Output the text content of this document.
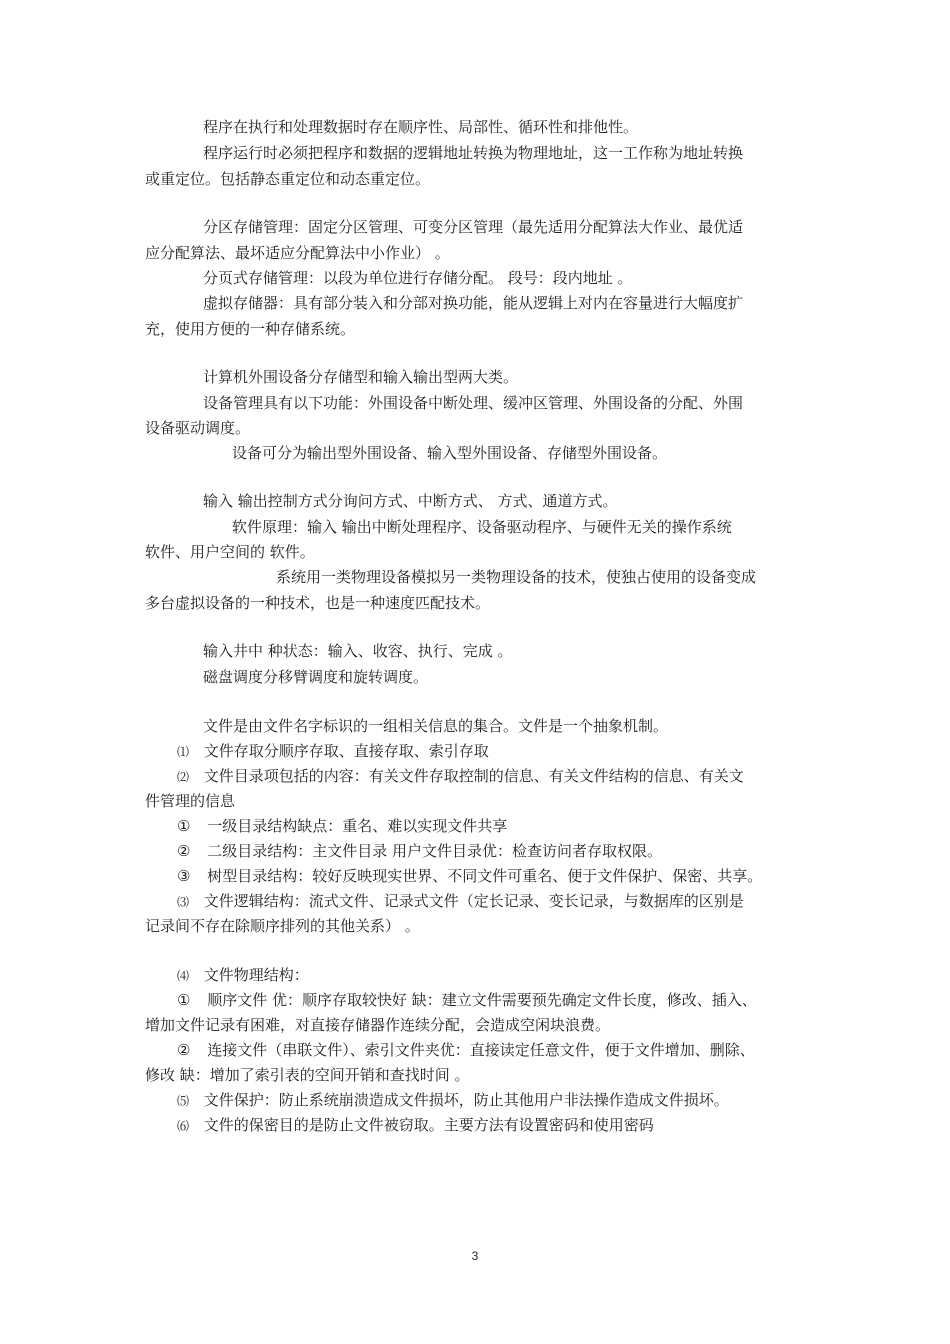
程序在执行和处理数据时存在顺序性、局部性、循环性和排他性。
程序运行时必须把程序和数据的逻辑地址转换为物理地址，这一工作称为地址转换
或重定位。包括静态重定位和动态重定位。
分区存储管理：固定分区管理、可变分区管理（最先适用分配算法大作业、最优适
应分配算法、最坏适应分配算法中小作业） 。
分页式存储管理：以段为单位进行存储分配。 段号：段内地址 。
虚拟存储器：具有部分装入和分部对换功能，能从逻辑上对内在容量进行大幅度扩
充，使用方便的一种存储系统。
计算机外围设备分存储型和输入输出型两大类。
设备管理具有以下功能：外围设备中断处理、缓冲区管理、外围设备的分配、外围
设备驱动调度。
设备可分为输出型外围设备、输入型外围设备、存储型外围设备。
输入 输出控制方式分询问方式、中断方式、 方式、通道方式。
软件原理：输入 输出中断处理程序、设备驱动程序、与硬件无关的操作系统
软件、用户空间的 软件。
系统用一类物理设备模拟另一类物理设备的技术，使独占使用的设备变成
多台虚拟设备的一种技术，也是一种速度匹配技术。
输入井中 种状态：输入、收容、执行、完成 。
磁盘调度分移臂调度和旋转调度。
文件是由文件名字标识的一组相关信息的集合。文件是一个抽象机制。
⑴ 文件存取分顺序存取、直接存取、索引存取
⑵ 文件目录项包括的内容：有关文件存取控制的信息、有关文件结构的信息、有关文
件管理的信息
① 一级目录结构缺点：重名、难以实现文件共享
② 二级目录结构：主文件目录 用户文件目录优：检查访问者存取权限。
③ 树型目录结构：较好反映现实世界、不同文件可重名、便于文件保护、保密、共享。
⑶ 文件逻辑结构：流式文件、记录式文件（定长记录、变长记录，与数据库的区别是
记录间不存在除顺序排列的其他关系） 。
⑷ 文件物理结构：
① 顺序文件 优：顺序存取较快好 缺：建立文件需要预先确定文件长度，修改、插入、
增加文件记录有困难，对直接存储器作连续分配，会造成空闲块浪费。
② 连接文件（串联文件）、索引文件夹优：直接读定任意文件，便于文件增加、删除、
修改 缺：增加了索引表的空间开销和查找时间 。
⑸ 文件保护：防止系统崩溃造成文件损坏，防止其他用户非法操作造成文件损坏。
⑹ 文件的保密目的是防止文件被窃取。主要方法有设置密码和使用密码
3
